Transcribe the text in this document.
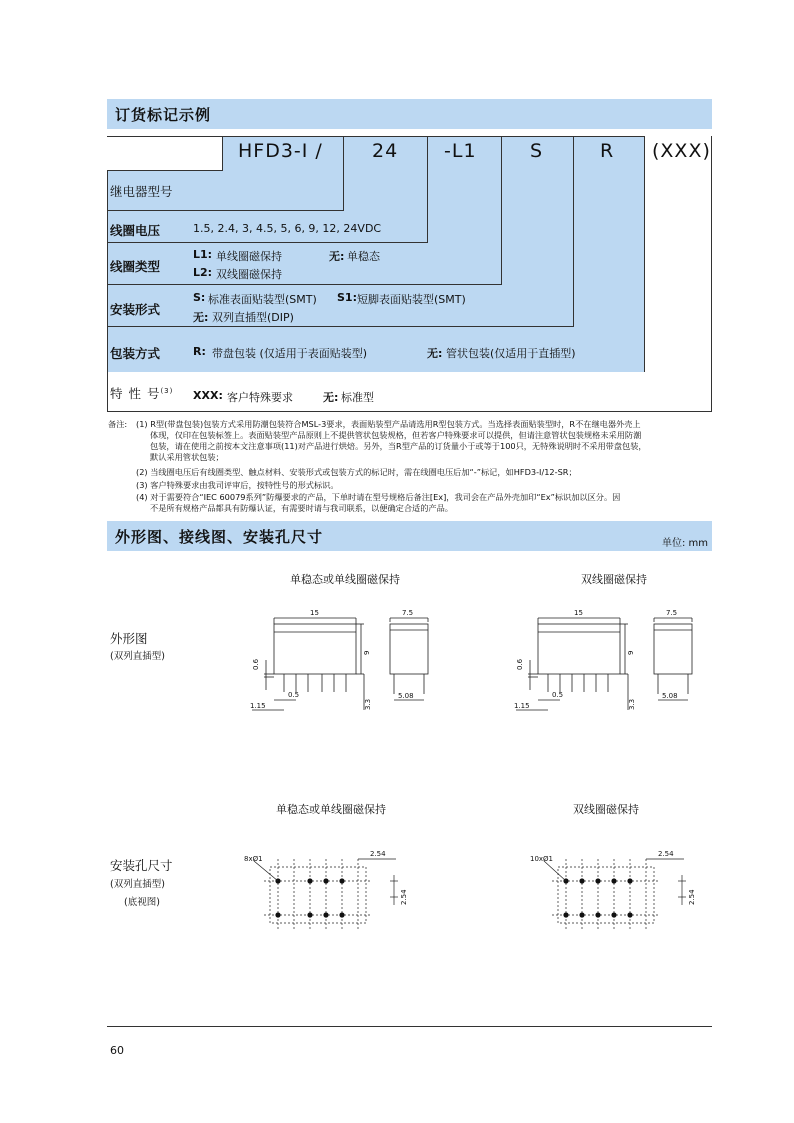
订货标记示例
HFD3-I /	24 -L1	S	R (XXX)
继电器型号
线圈电压	1.5, 2.4, 3, 4.5, 5, 6, 9, 12, 24VDC
线圈类型
L1: 单线圈磁保持	无: 单稳态
L2: 双线圈磁保持
安装形式
S: 标准表面贴装型(SMT) S1: 短脚表面贴装型(SMT)
无: 双列直插型(DIP)
包装方式	R: 带盘包装 (仅适用于表面贴装型)	无: 管状包装(仅适用于直插型)
特 性 号$^{(3)}$ XXX: 客户特殊要求	无: 标准型
备注: (1) R型(带盘包装)包装方式采用防潮包装符合MSL-3要求，表面贴装型产品请选用R型包装方式。当选择表面贴装型时，R不在继电器外壳上
体现，仅印在包装标签上。表面贴装型产品原则上不提供管状包装规格，但若客户特殊要求可以提供，但请注意管状包装规格未采用防潮
包装，请在使用之前按本文注意事项(11)对产品进行烘焙。另外，当R型产品的订货量小于或等于100只，无特殊说明时不采用带盘包装，
默认采用管状包装；
(2) 当线圈电压后有线圈类型、触点材料、安装形式或包装方式的标记时，需在线圈电压后加“-”标记，如HFD3-I/12-SR；
(3) 客户特殊要求由我司评审后，按特性号的形式标识。
(4) 对于需要符合“IEC 60079系列”防爆要求的产品，下单时请在型号规格后备注[Ex]，我司会在产品外壳加印“Ex”标识加以区分。因
不是所有规格产品都具有防爆认证，有需要时请与我司联系，以便确定合适的产品。
外形图、接线图、安装孔尺寸	单位: mm
单稳态或单线圈磁保持	双线圈磁保持
外形图
(双列直插型)
15	7.5
9
0.6
0.5
1.15	3.3
5.08
15	7.5
9
0.6
0.5
1.15	3.3
5.08
单稳态或单线圈磁保持	双线圈磁保持
安装孔尺寸
(双列直插型)
(底视图)
8xØ1
2.54
2.54
10xØ1
2.54
2.54
60
